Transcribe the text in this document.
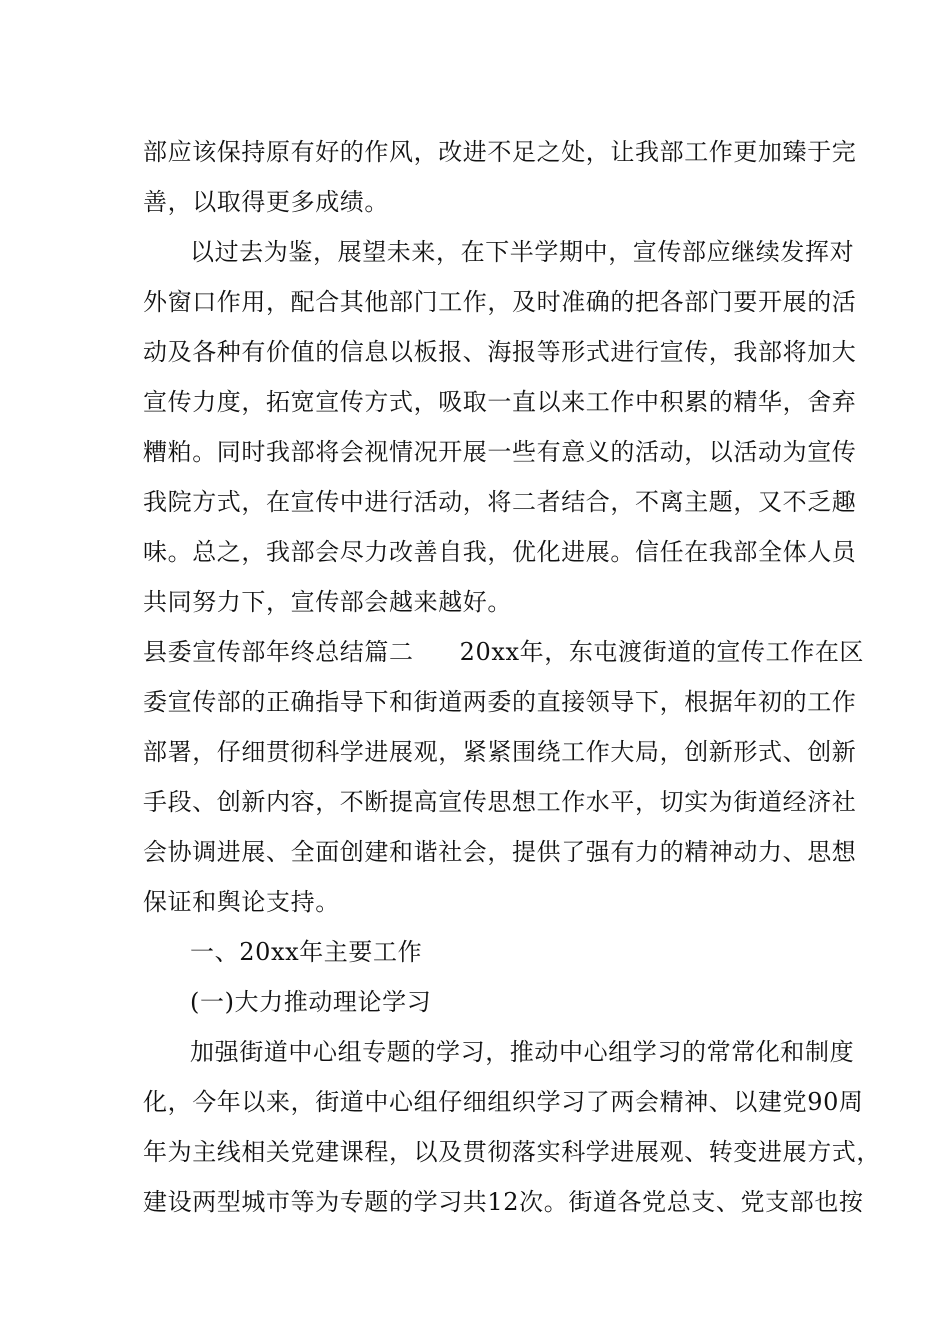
部应该保持原有好的作风，改进不足之处，让我部工作更加臻于完
善，以取得更多成绩。
以过去为鉴，展望未来，在下半学期中，宣传部应继续发挥对
外窗口作用，配合其他部门工作，及时准确的把各部门要开展的活
动及各种有价值的信息以板报、海报等形式进行宣传，我部将加大
宣传力度，拓宽宣传方式，吸取一直以来工作中积累的精华，舍弃
糟粕。同时我部将会视情况开展一些有意义的活动，以活动为宣传
我院方式，在宣传中进行活动，将二者结合，不离主题，又不乏趣
味。总之，我部会尽力改善自我，优化进展。信任在我部全体人员
共同努力下，宣传部会越来越好。
县委宣传部年终总结篇二 20xx年，东屯渡街道的宣传工作在区
委宣传部的正确指导下和街道两委的直接领导下，根据年初的工作
部署，仔细贯彻科学进展观，紧紧围绕工作大局，创新形式、创新
手段、创新内容，不断提高宣传思想工作水平，切实为街道经济社
会协调进展、全面创建和谐社会，提供了强有力的精神动力、思想
保证和舆论支持。
一、20xx年主要工作
(一)大力推动理论学习
加强街道中心组专题的学习，推动中心组学习的常常化和制度
化，今年以来，街道中心组仔细组织学习了两会精神、以建党90周
年为主线相关党建课程，以及贯彻落实科学进展观、转变进展方式，
建设两型城市等为专题的学习共12次。街道各党总支、党支部也按
